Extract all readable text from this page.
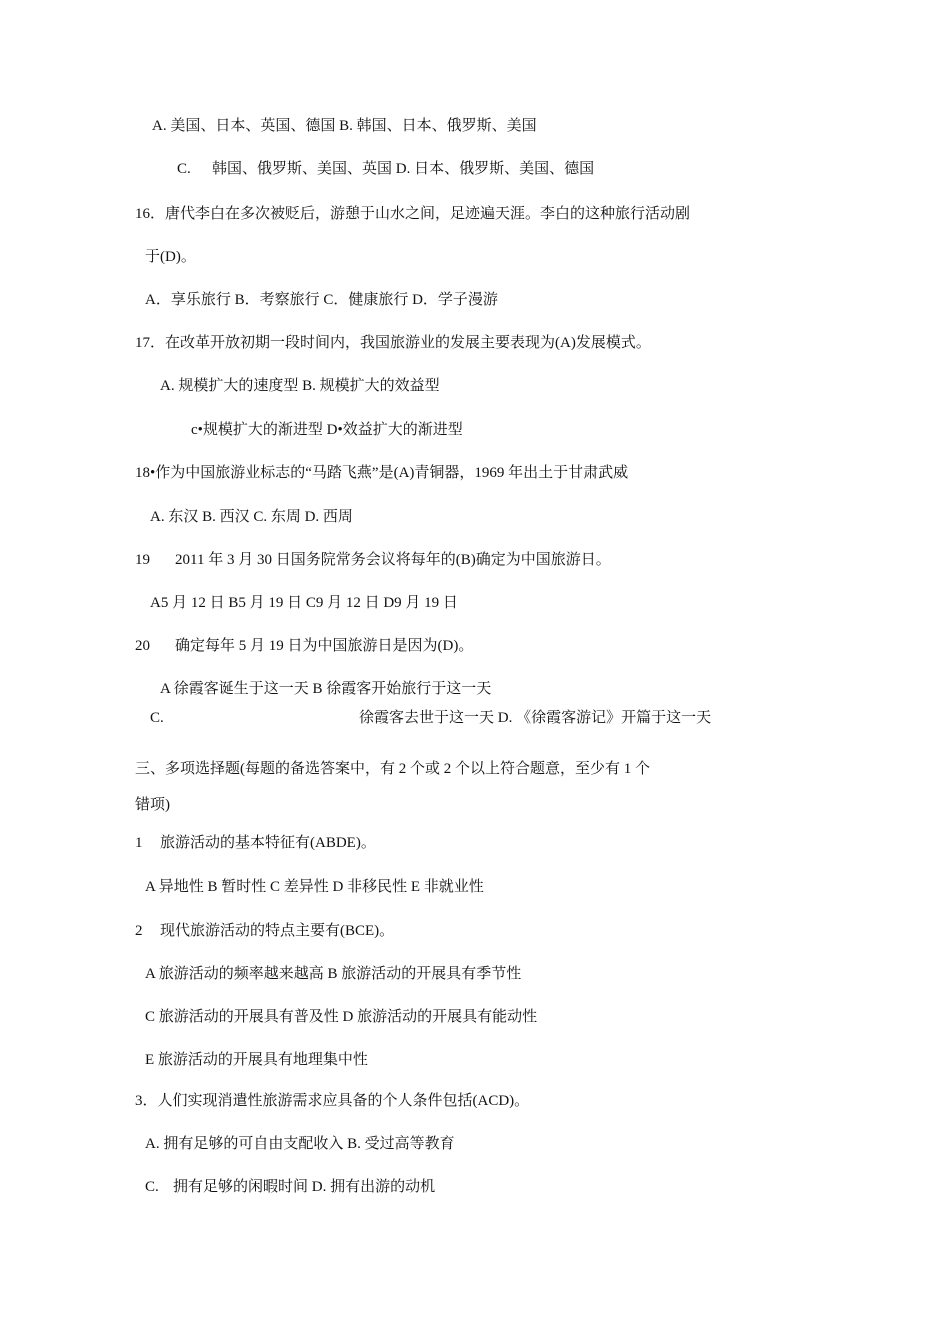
A. 美国、日本、英国、德国 B. 韩国、日本、俄罗斯、美国
C. 韩国、俄罗斯、美国、英国 D. 日本、俄罗斯、美国、德国
16．唐代李白在多次被贬后，游憩于山水之间，足迹遍天涯。李白的这种旅行活动剧
于(D)。
A．享乐旅行 B．考察旅行 C．健康旅行 D．学子漫游
17．在改革开放初期一段时间内，我国旅游业的发展主要表现为(A)发展模式。
A. 规模扩大的速度型 B. 规模扩大的效益型
c•规模扩大的渐进型 D•效益扩大的渐进型
18•作为中国旅游业标志的“马踏飞燕”是(A)青铜器，1969 年出土于甘肃武威
A. 东汉 B. 西汉 C. 东周 D. 西周
19 2011 年 3 月 30 日国务院常务会议将每年的(B)确定为中国旅游日。
A5 月 12 日 B5 月 19 日 C9 月 12 日 D9 月 19 日
20 确定每年 5 月 19 日为中国旅游日是因为(D)。
A 徐霞客诞生于这一天 B 徐霞客开始旅行于这一天
C.	徐霞客去世于这一天 D. 《徐霞客游记》开篇于这一天
三、多项选择题(每题的备选答案中，有 2 个或 2 个以上符合题意，至少有 1 个
错项)
1 旅游活动的基本特征有(ABDE)。
A 异地性 B 暂时性 C 差异性 D 非移民性 E 非就业性
2 现代旅游活动的特点主要有(BCE)。
A 旅游活动的频率越来越高 B 旅游活动的开展具有季节性
C 旅游活动的开展具有普及性 D 旅游活动的开展具有能动性
E 旅游活动的开展具有地理集中性
3．人们实现消遣性旅游需求应具备的个人条件包括(ACD)。
A. 拥有足够的可自由支配收入 B. 受过高等教育
C. 拥有足够的闲暇时间 D. 拥有出游的动机
